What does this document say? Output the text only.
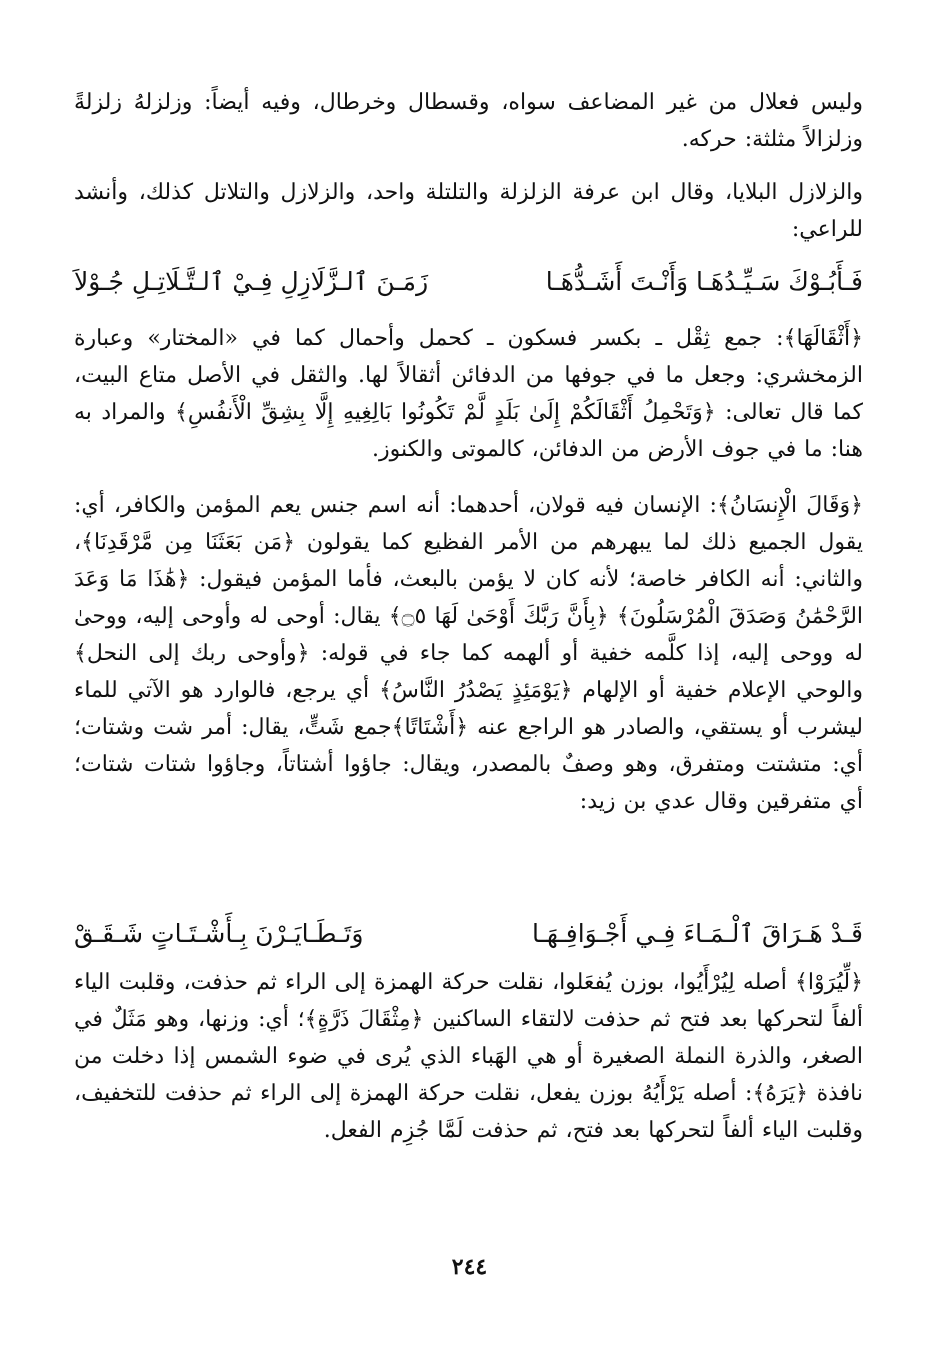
وليس فعلال من غير المضاعف سواه، وقسطال وخرطال، وفيه أيضاً: وزلزلهُ زلزلةً وزلزالاً مثلثة: حركه.
والزلازل البلايا، وقال ابن عرفة الزلزلة والتلتلة واحد، والزلازل والتلاتل كذلك، وأنشد للراعي:
فَـأَبُـوْكَ سَـيِّـدُهَـا وَأَنْـتَ أَشَـدُّهَـا
زَمَـنَ ٱلـزَّلَازِلِ فِـيْ ٱلـتَّـلَاتِـلِ جُـوْلاَ
﴿أَثْقَالَهَا﴾: جمع ثِقْل ـ بكسر فسكون ـ كحمل وأحمال كما في «المختار» وعبارة الزمخشري: وجعل ما في جوفها من الدفائن أثقالاً لها. والثقل في الأصل متاع البيت، كما قال تعالى: ﴿وَتَحْمِلُ أَثْقَالَكُمْ إِلَىٰ بَلَدٍ لَّمْ تَكُونُوا بَالِغِيهِ إِلَّا بِشِقِّ الْأَنفُسِ﴾ والمراد به هنا: ما في جوف الأرض من الدفائن، كالموتى والكنوز.
﴿وَقَالَ الْإِنسَانُ﴾: الإنسان فيه قولان، أحدهما: أنه اسم جنس يعم المؤمن والكافر، أي: يقول الجميع ذلك لما يبهرهم من الأمر الفظيع كما يقولون ﴿مَن بَعَثَنَا مِن مَّرْقَدِنَا﴾، والثاني: أنه الكافر خاصة؛ لأنه كان لا يؤمن بالبعث، فأما المؤمن فيقول: ﴿هَٰذَا مَا وَعَدَ الرَّحْمَٰنُ وَصَدَقَ الْمُرْسَلُونَ﴾ ﴿بِأَنَّ رَبَّكَ أَوْحَىٰ لَهَا ۝٥﴾ يقال: أوحى له وأوحى إليه، ووحىٰ له ووحى إليه، إذا كلَّمه خفية أو ألهمه كما جاء في قوله: ﴿وأوحى ربك إلى النحل﴾ والوحي الإعلام خفية أو الإلهام ﴿يَوْمَئِذٍ يَصْدُرُ النَّاسُ﴾ أي يرجع، فالوارد هو الآتي للماء ليشرب أو يستقي، والصادر هو الراجع عنه ﴿أَشْتَاتًا﴾جمع شَتٍّ، يقال: أمر شت وشتات؛ أي: متشتت ومتفرق، وهو وصفٌ بالمصدر، ويقال: جاؤوا أشتاتاً، وجاؤوا شتات شتات؛ أي متفرقين وقال عدي بن زيد:
قَـدْ هَـرَاقَ ٱلْـمَـاءَ فِـي أَجْـوَافِـهَـا
وَتَـطَـايَـرْنَ بِـأَشْـتَـاتٍ شَـقَـقْ
﴿لِّيُرَوْا﴾ أصله لِيُرْأَيُوا، بوزن يُفعَلوا، نقلت حركة الهمزة إلى الراء ثم حذفت، وقلبت الياء ألفاً لتحركها بعد فتح ثم حذفت لالتقاء الساكنين ﴿مِثْقَالَ ذَرَّةٍ﴾؛ أي: وزنها، وهو مَثَلٌ في الصغر، والذرة النملة الصغيرة أو هي الهَباء الذي يُرى في ضوء الشمس إذا دخلت من نافذة ﴿يَرَهُ﴾: أصله يَرْأَيُهُ بوزن يفعل، نقلت حركة الهمزة إلى الراء ثم حذفت للتخفيف، وقلبت الياء ألفاً لتحركها بعد فتح، ثم حذفت لَمَّا جُزِم الفعل.
٢٤٤
